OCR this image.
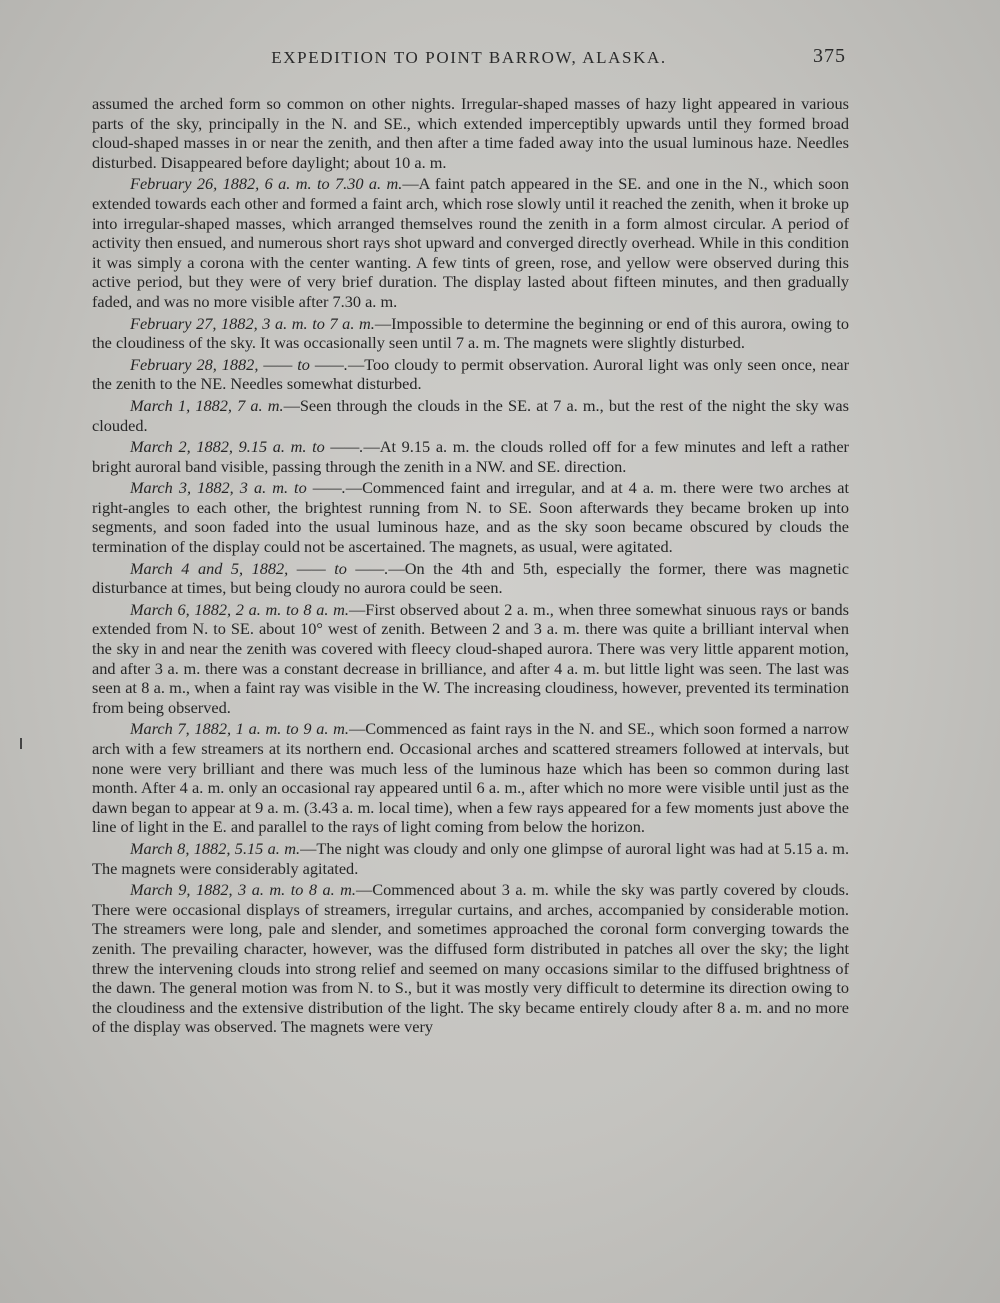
EXPEDITION TO POINT BARROW, ALASKA.	375

assumed the arched form so common on other nights. Irregular-shaped masses of hazy light appeared in various parts of the sky, principally in the N. and SE., which extended imperceptibly upwards until they formed broad cloud-shaped masses in or near the zenith, and then after a time faded away into the usual luminous haze. Needles disturbed. Disappeared before daylight; about 10 a. m.

February 26, 1882, 6 a. m. to 7.30 a. m.—A faint patch appeared in the SE. and one in the N., which soon extended towards each other and formed a faint arch, which rose slowly until it reached the zenith, when it broke up into irregular-shaped masses, which arranged themselves round the zenith in a form almost circular. A period of activity then ensued, and numerous short rays shot upward and converged directly overhead. While in this condition it was simply a corona with the center wanting. A few tints of green, rose, and yellow were observed during this active period, but they were of very brief duration. The display lasted about fifteen minutes, and then gradually faded, and was no more visible after 7.30 a. m.

February 27, 1882, 3 a. m. to 7 a. m.—Impossible to determine the beginning or end of this aurora, owing to the cloudiness of the sky. It was occasionally seen until 7 a. m. The magnets were slightly disturbed.

February 28, 1882, —— to ——.—Too cloudy to permit observation. Auroral light was only seen once, near the zenith to the NE. Needles somewhat disturbed.

March 1, 1882, 7 a. m.—Seen through the clouds in the SE. at 7 a. m., but the rest of the night the sky was clouded.

March 2, 1882, 9.15 a. m. to ——.—At 9.15 a. m. the clouds rolled off for a few minutes and left a rather bright auroral band visible, passing through the zenith in a NW. and SE. direction.

March 3, 1882, 3 a. m. to ——.—Commenced faint and irregular, and at 4 a. m. there were two arches at right-angles to each other, the brightest running from N. to SE. Soon afterwards they became broken up into segments, and soon faded into the usual luminous haze, and as the sky soon became obscured by clouds the termination of the display could not be ascertained. The magnets, as usual, were agitated.

March 4 and 5, 1882, —— to ——.—On the 4th and 5th, especially the former, there was magnetic disturbance at times, but being cloudy no aurora could be seen.

March 6, 1882, 2 a. m. to 8 a. m.—First observed about 2 a. m., when three somewhat sinuous rays or bands extended from N. to SE. about 10° west of zenith. Between 2 and 3 a. m. there was quite a brilliant interval when the sky in and near the zenith was covered with fleecy cloud-shaped aurora. There was very little apparent motion, and after 3 a. m. there was a constant decrease in brilliance, and after 4 a. m. but little light was seen. The last was seen at 8 a. m., when a faint ray was visible in the W. The increasing cloudiness, however, prevented its termination from being observed.

March 7, 1882, 1 a. m. to 9 a. m.—Commenced as faint rays in the N. and SE., which soon formed a narrow arch with a few streamers at its northern end. Occasional arches and scattered streamers followed at intervals, but none were very brilliant and there was much less of the luminous haze which has been so common during last month. After 4 a. m. only an occasional ray appeared until 6 a. m., after which no more were visible until just as the dawn began to appear at 9 a. m. (3.43 a. m. local time), when a few rays appeared for a few moments just above the line of light in the E. and parallel to the rays of light coming from below the horizon.

March 8, 1882, 5.15 a. m.—The night was cloudy and only one glimpse of auroral light was had at 5.15 a. m. The magnets were considerably agitated.

March 9, 1882, 3 a. m. to 8 a. m.—Commenced about 3 a. m. while the sky was partly covered by clouds. There were occasional displays of streamers, irregular curtains, and arches, accompanied by considerable motion. The streamers were long, pale and slender, and sometimes approached the coronal form converging towards the zenith. The prevailing character, however, was the diffused form distributed in patches all over the sky; the light threw the intervening clouds into strong relief and seemed on many occasions similar to the diffused brightness of the dawn. The general motion was from N. to S., but it was mostly very difficult to determine its direction owing to the cloudiness and the extensive distribution of the light. The sky became entirely cloudy after 8 a. m. and no more of the display was observed. The magnets were very
